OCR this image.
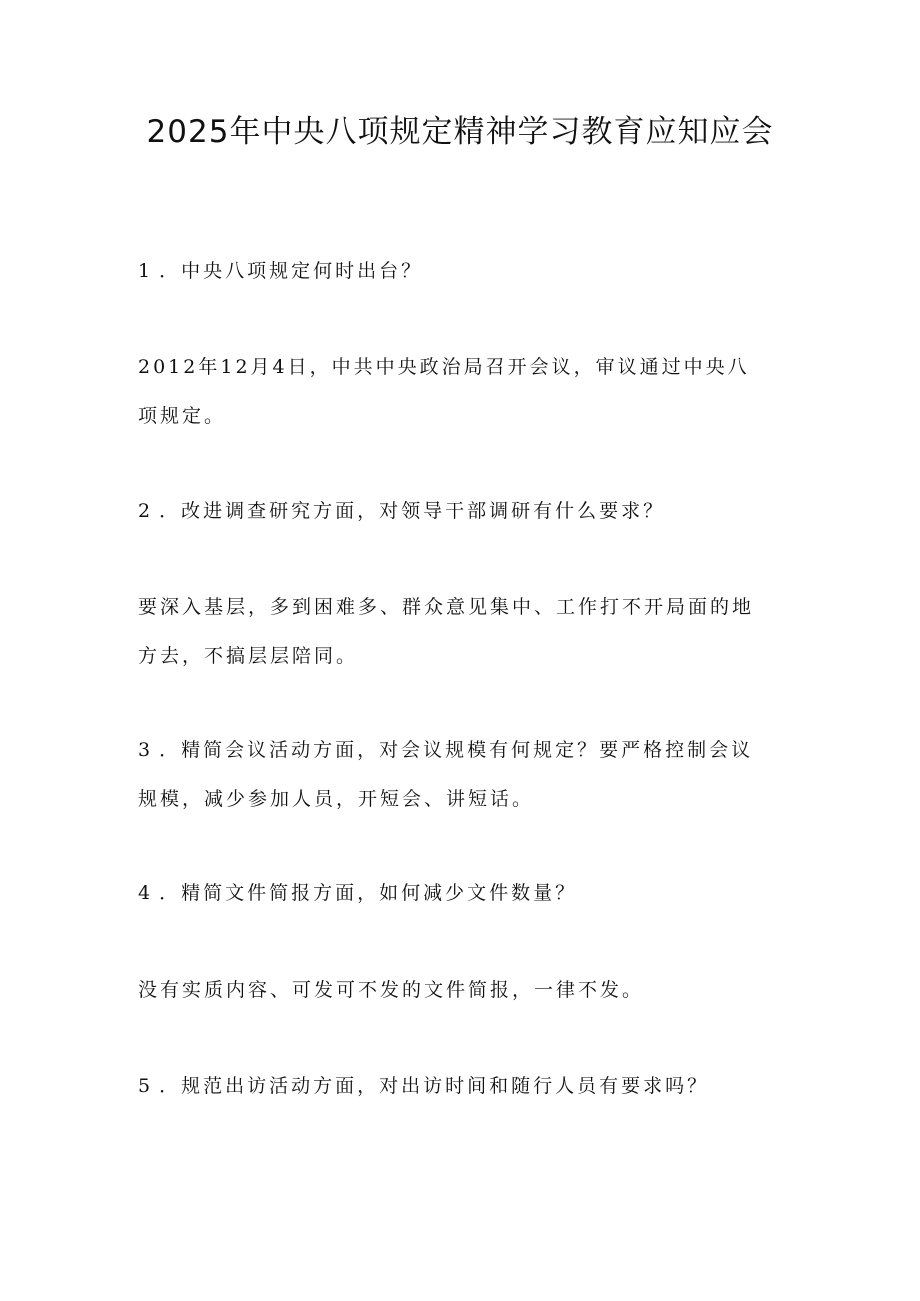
2025年中央八项规定精神学习教育应知应会

1 ．中央八项规定何时出台？

2012年12月4日，中共中央政治局召开会议，审议通过中央八项规定。

2 ．改进调查研究方面，对领导干部调研有什么要求？

要深入基层，多到困难多、群众意见集中、工作打不开局面的地方去，不搞层层陪同。

3 ．精简会议活动方面，对会议规模有何规定？要严格控制会议规模，减少参加人员，开短会、讲短话。

4 ．精简文件简报方面，如何减少文件数量？

没有实质内容、可发可不发的文件简报，一律不发。

5 ．规范出访活动方面，对出访时间和随行人员有要求吗？
